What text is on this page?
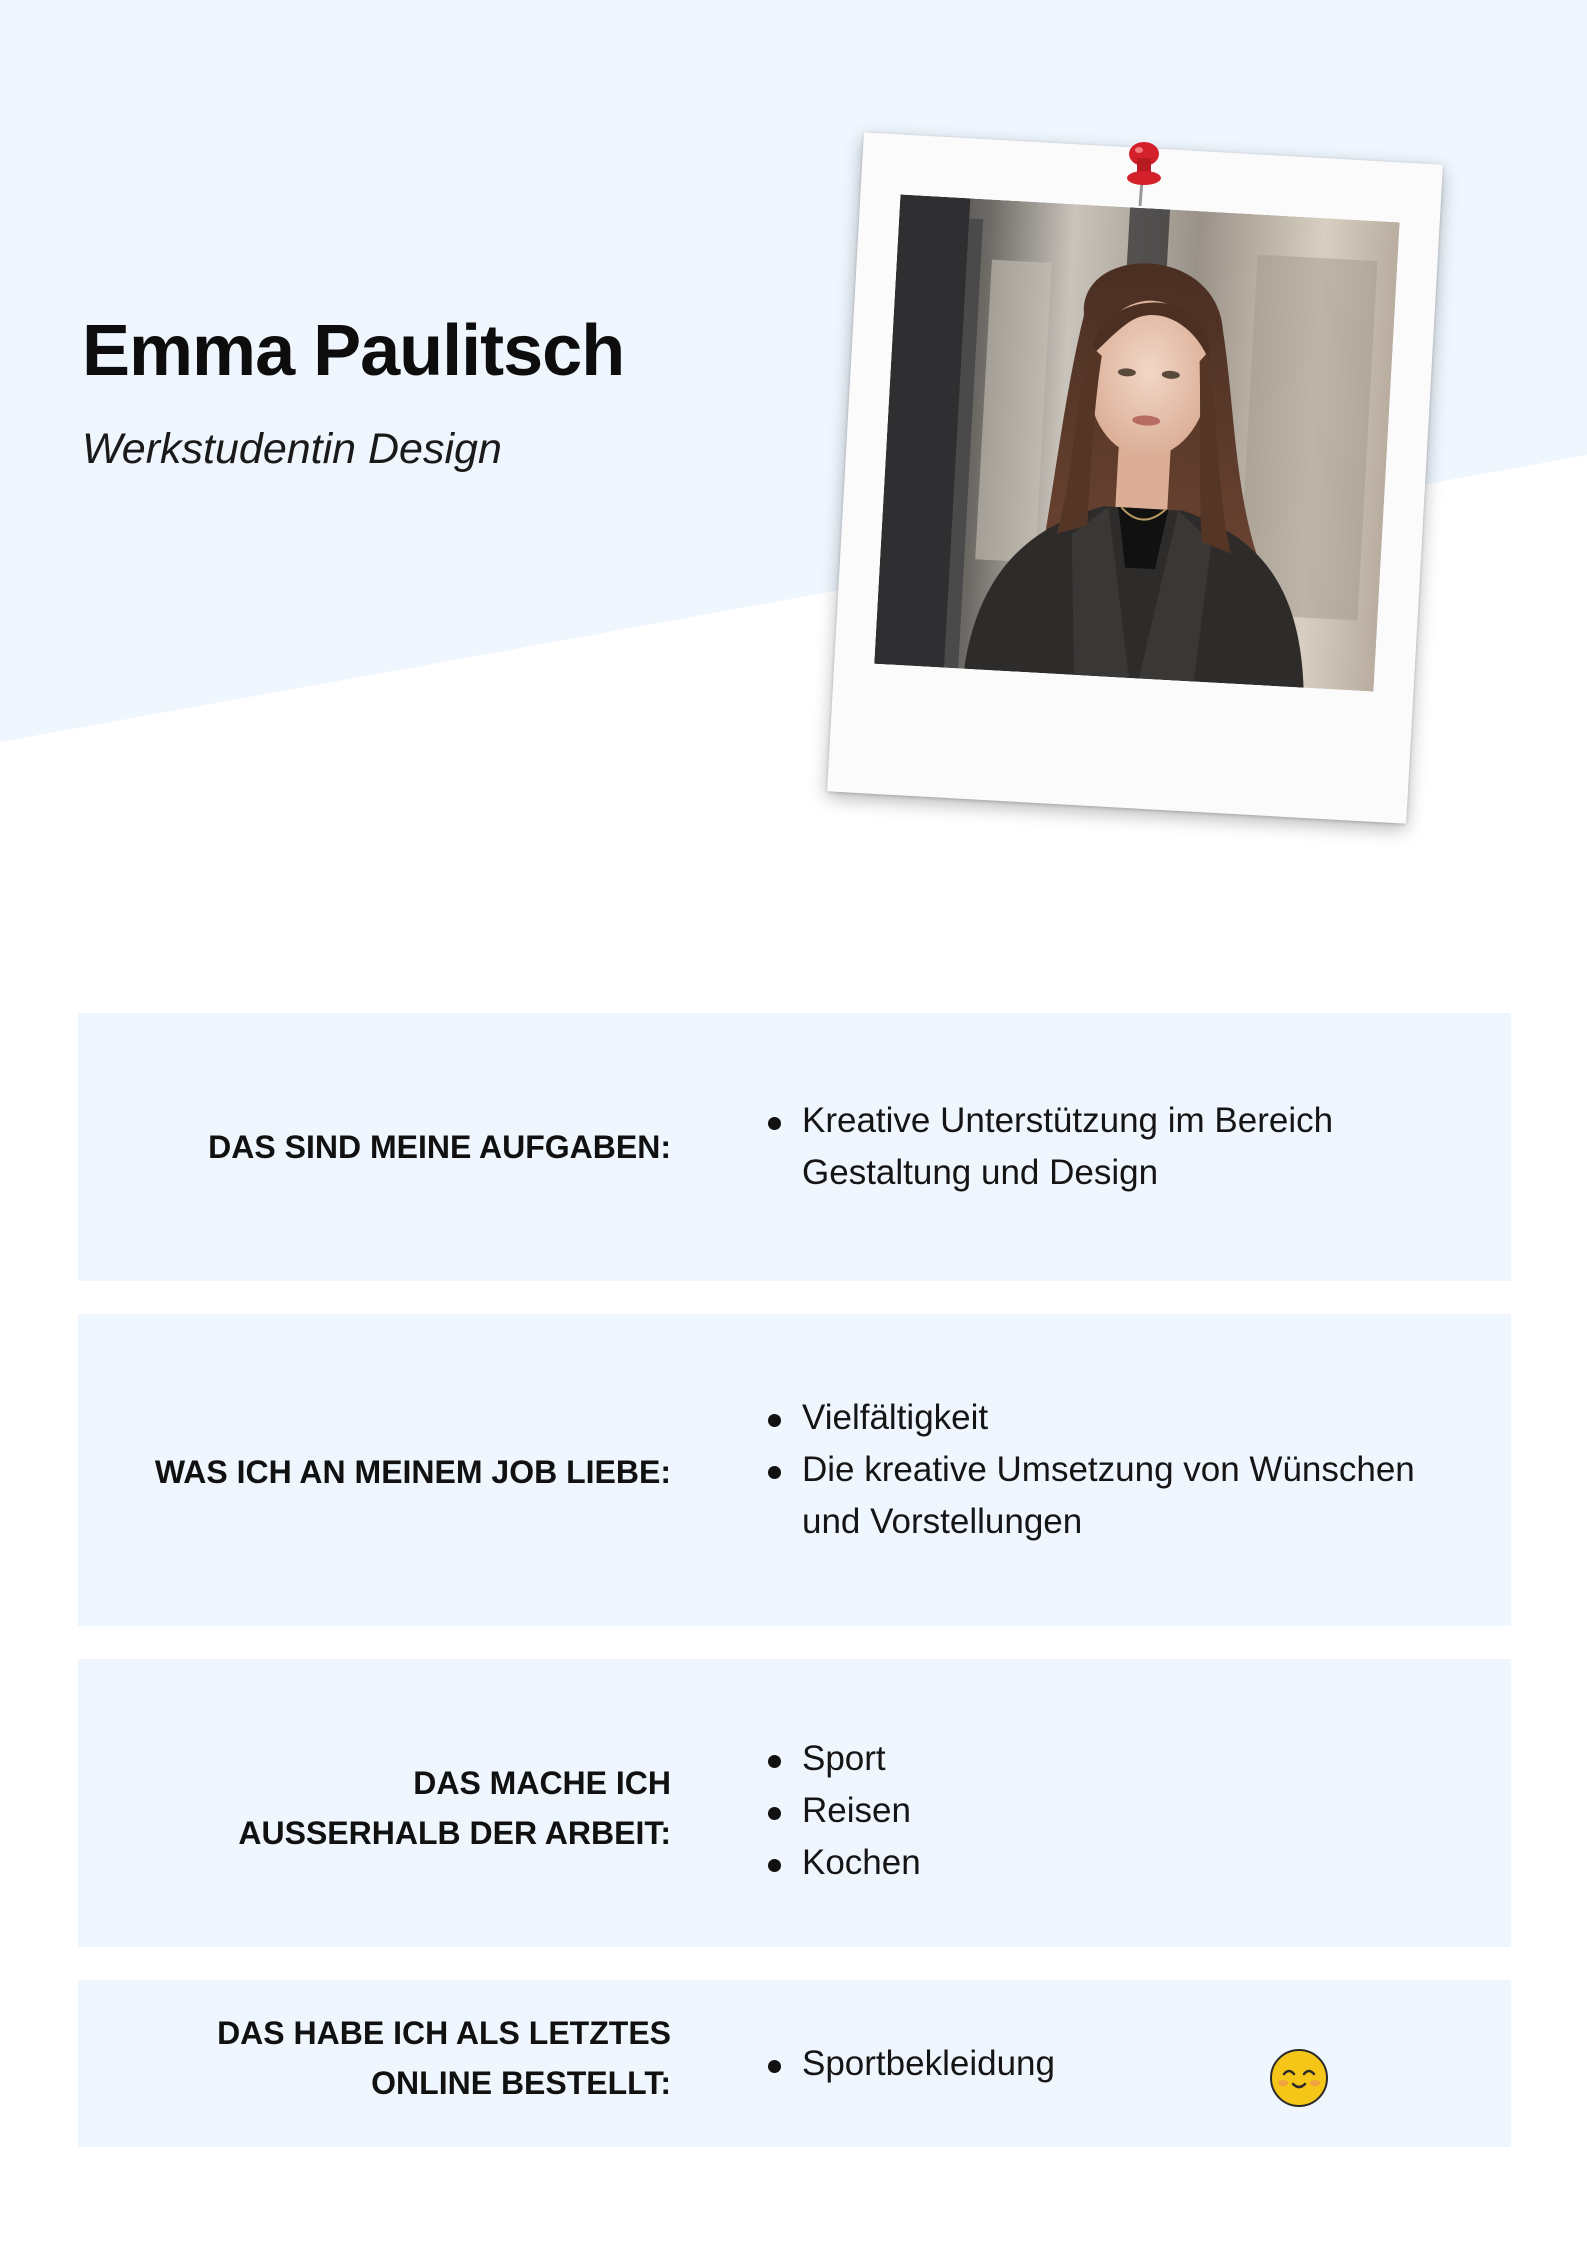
Emma Paulitsch

Werkstudentin Design

DAS SIND MEINE AUFGABEN:

Kreative Unterstützung im Bereich
Gestaltung und Design

WAS ICH AN MEINEM JOB LIEBE:

Vielfältigkeit
Die kreative Umsetzung von Wünschen
und Vorstellungen

DAS MACHE ICH
AUSSERHALB DER ARBEIT:

Sport
Reisen
Kochen

DAS HABE ICH ALS LETZTES
ONLINE BESTELLT:	Sportbekleidung
